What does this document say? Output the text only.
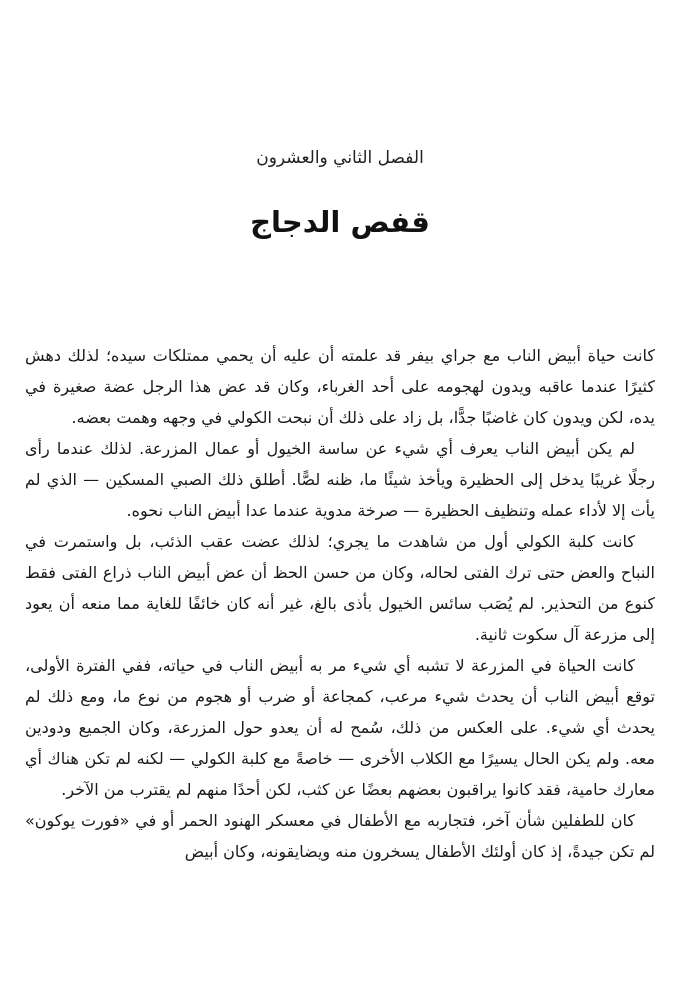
الفصل الثاني والعشرون
قفص الدجاج

كانت حياة أبيض الناب مع جراي بيفر قد علمته أن عليه أن يحمي ممتلكات سيده؛ لذلك دهش كثيرًا عندما عاقبه ويدون لهجومه على أحد الغرباء، وكان قد عض هذا الرجل عضة صغيرة في يده، لكن ويدون كان غاضبًا جدًّا، بل زاد على ذلك أن نبحت الكولي في وجهه وهمت بعضه.

لم يكن أبيض الناب يعرف أي شيء عن ساسة الخيول أو عمال المزرعة. لذلك عندما رأى رجلًا غريبًا يدخل إلى الحظيرة ويأخذ شيئًا ما، ظنه لصًّا. أطلق ذلك الصبي المسكين — الذي لم يأت إلا لأداء عمله وتنظيف الحظيرة — صرخة مدوية عندما عدا أبيض الناب نحوه.

كانت كلبة الكولي أول من شاهدت ما يجري؛ لذلك عضت عقب الذئب، بل واستمرت في النباح والعض حتى ترك الفتى لحاله، وكان من حسن الحظ أن عض أبيض الناب ذراع الفتى فقط كنوع من التحذير. لم يُصَب سائس الخيول بأذى بالغ، غير أنه كان خائفًا للغاية مما منعه أن يعود إلى مزرعة آل سكوت ثانية.

كانت الحياة في المزرعة لا تشبه أي شيء مر به أبيض الناب في حياته، ففي الفترة الأولى، توقع أبيض الناب أن يحدث شيء مرعب، كمجاعة أو ضرب أو هجوم من نوع ما، ومع ذلك لم يحدث أي شيء. على العكس من ذلك، سُمح له أن يعدو حول المزرعة، وكان الجميع ودودين معه. ولم يكن الحال يسيرًا مع الكلاب الأخرى — خاصةً مع كلبة الكولي — لكنه لم تكن هناك أي معارك حامية، فقد كانوا يراقبون بعضهم بعضًا عن كثب، لكن أحدًا منهم لم يقترب من الآخر.

كان للطفلين شأن آخر، فتجاربه مع الأطفال في معسكر الهنود الحمر أو في «فورت يوكون» لم تكن جيدةً، إذ كان أولئك الأطفال يسخرون منه ويضايقونه، وكان أبيض
